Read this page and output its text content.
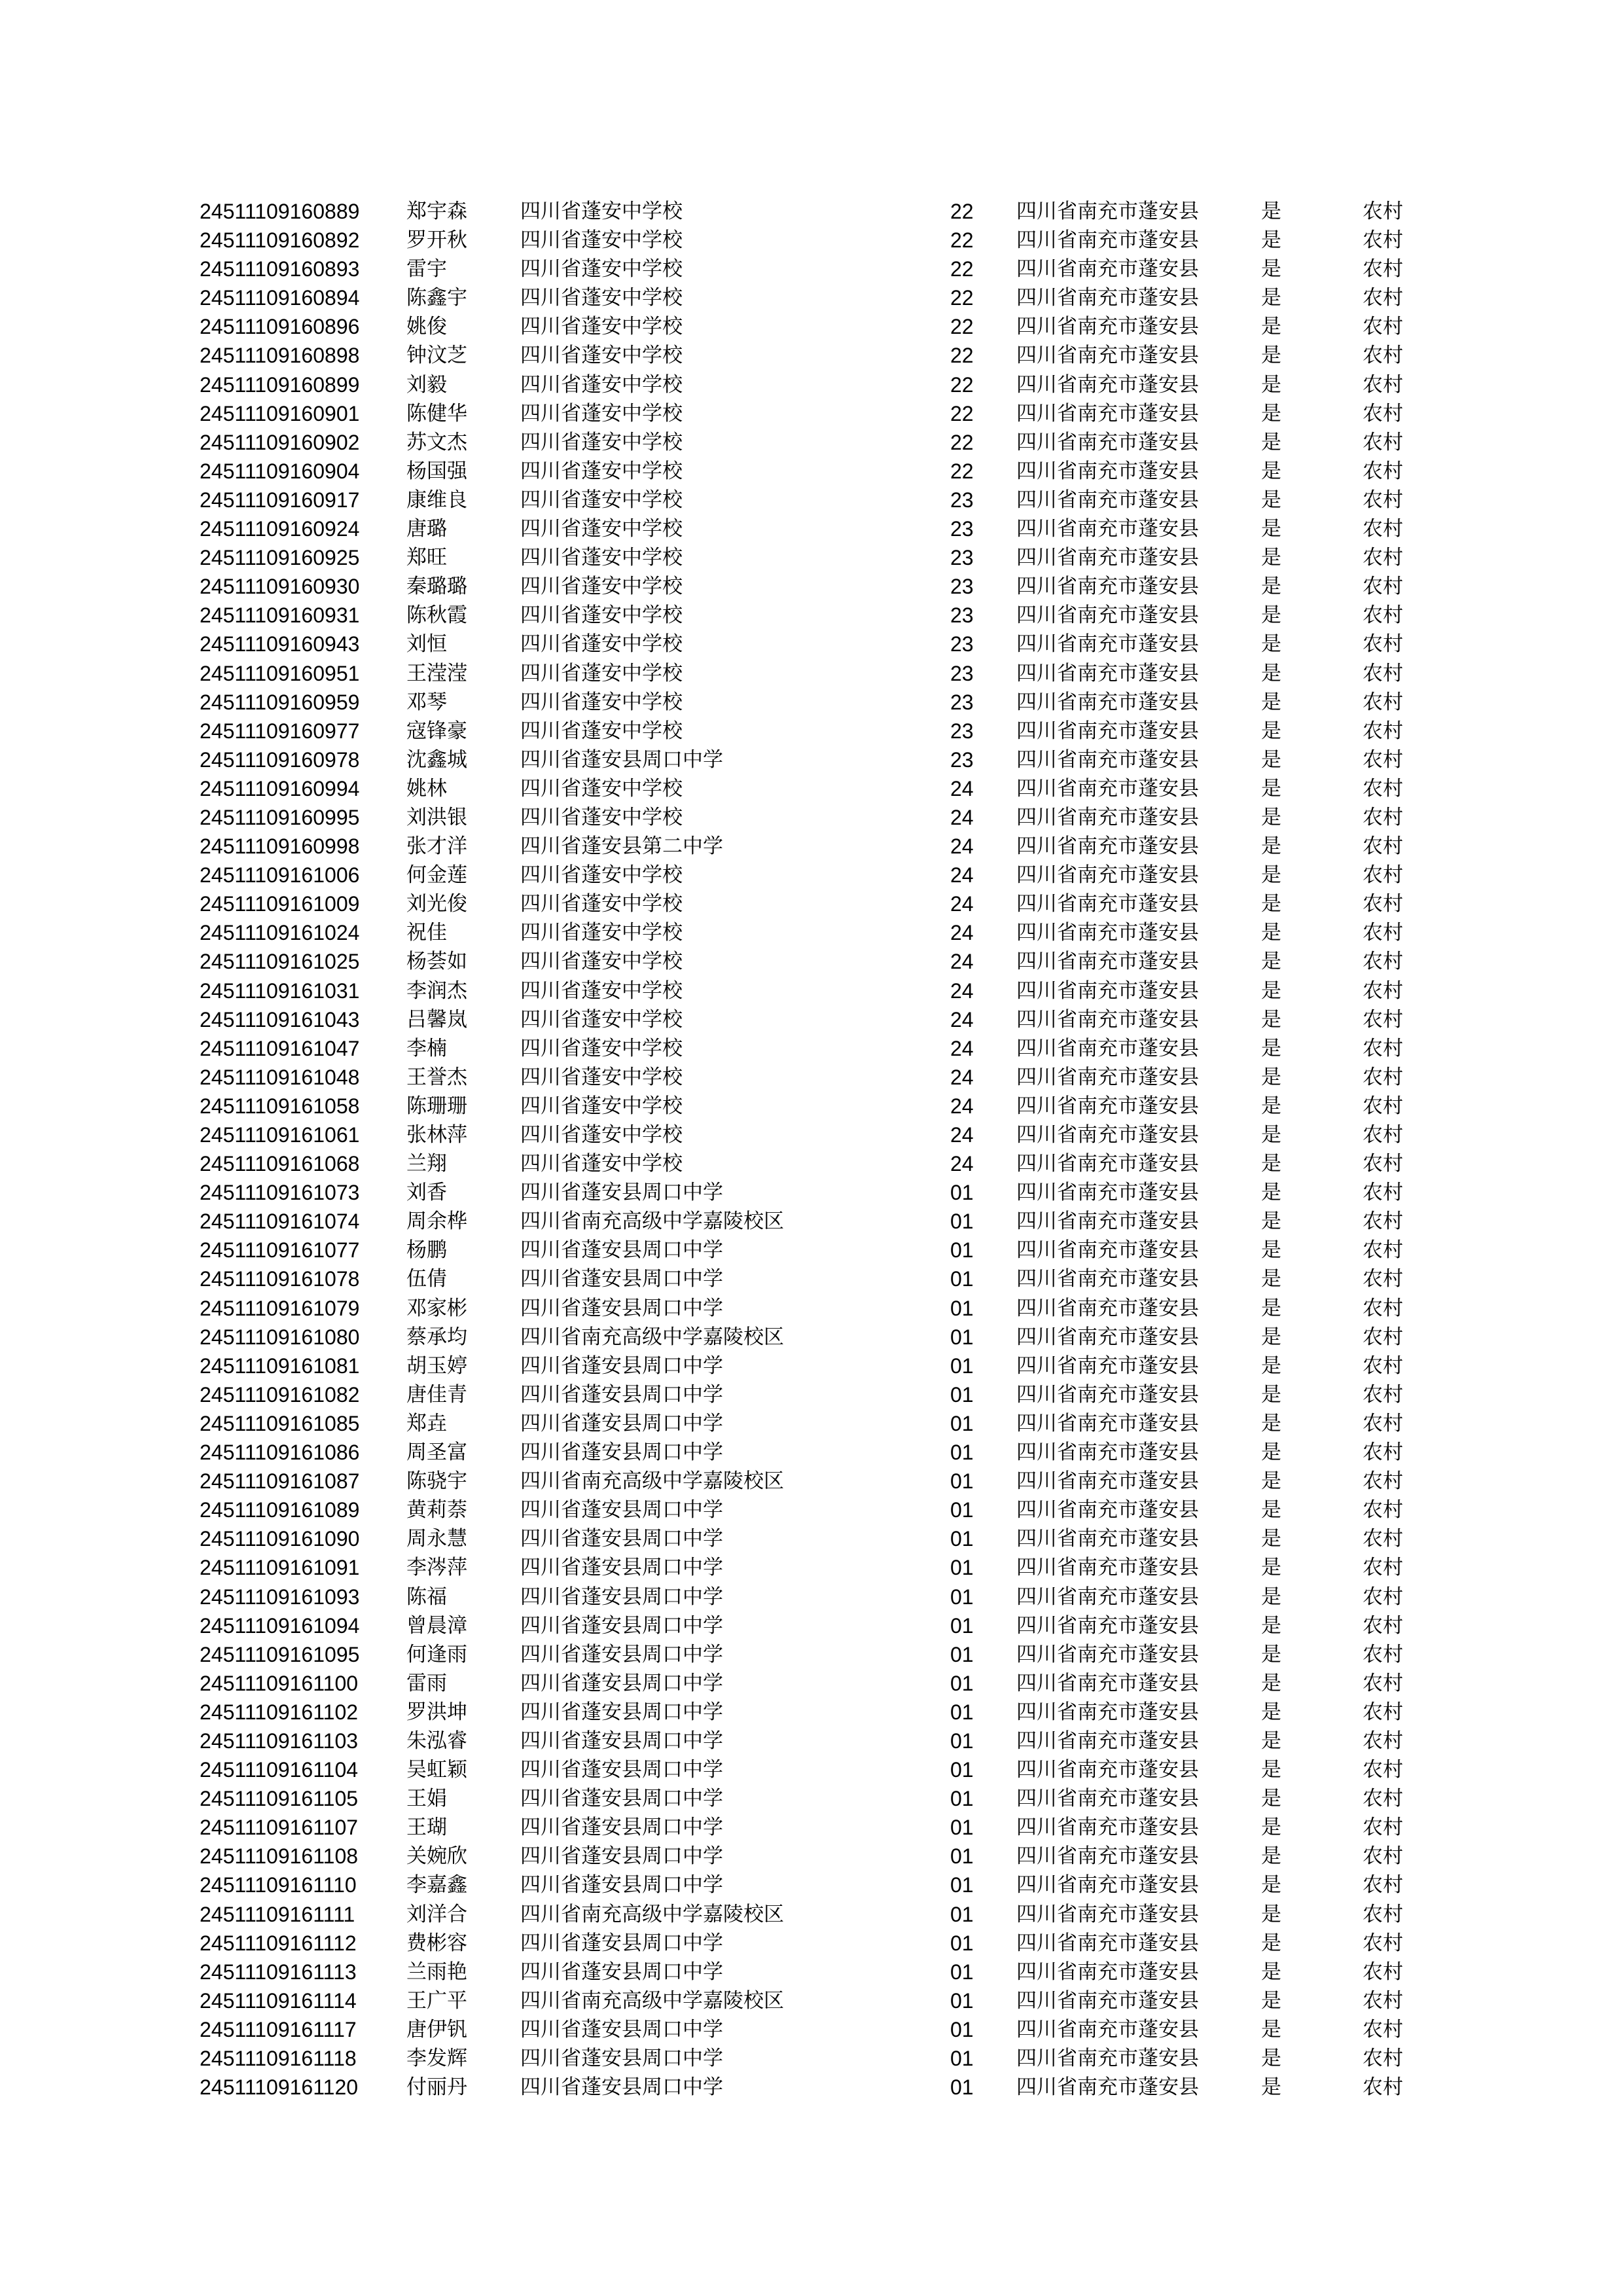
24511109160889 郑宇森	四川省蓬安中学校	22 四川省南充市蓬安县	是	农村
24511109160892 罗开秋	四川省蓬安中学校	22 四川省南充市蓬安县	是	农村
24511109160893 雷宇	四川省蓬安中学校	22 四川省南充市蓬安县	是	农村
24511109160894 陈鑫宇	四川省蓬安中学校	22 四川省南充市蓬安县	是	农村
24511109160896 姚俊	四川省蓬安中学校	22 四川省南充市蓬安县	是	农村
24511109160898 钟汶芝	四川省蓬安中学校	22 四川省南充市蓬安县	是	农村
24511109160899 刘毅	四川省蓬安中学校	22 四川省南充市蓬安县	是	农村
24511109160901 陈健华	四川省蓬安中学校	22 四川省南充市蓬安县	是	农村
24511109160902 苏文杰	四川省蓬安中学校	22 四川省南充市蓬安县	是	农村
24511109160904 杨国强	四川省蓬安中学校	22 四川省南充市蓬安县	是	农村
24511109160917 康维良	四川省蓬安中学校	23 四川省南充市蓬安县	是	农村
24511109160924 唐璐	四川省蓬安中学校	23 四川省南充市蓬安县	是	农村
24511109160925 郑旺	四川省蓬安中学校	23 四川省南充市蓬安县	是	农村
24511109160930 秦璐璐	四川省蓬安中学校	23 四川省南充市蓬安县	是	农村
24511109160931 陈秋霞	四川省蓬安中学校	23 四川省南充市蓬安县	是	农村
24511109160943 刘恒	四川省蓬安中学校	23 四川省南充市蓬安县	是	农村
24511109160951 王滢滢	四川省蓬安中学校	23 四川省南充市蓬安县	是	农村
24511109160959 邓琴	四川省蓬安中学校	23 四川省南充市蓬安县	是	农村
24511109160977 寇锋豪	四川省蓬安中学校	23 四川省南充市蓬安县	是	农村
24511109160978 沈鑫城	四川省蓬安县周口中学	23 四川省南充市蓬安县	是	农村
24511109160994 姚林	四川省蓬安中学校	24 四川省南充市蓬安县	是	农村
24511109160995 刘洪银	四川省蓬安中学校	24 四川省南充市蓬安县	是	农村
24511109160998 张才洋	四川省蓬安县第二中学	24 四川省南充市蓬安县	是	农村
24511109161006 何金莲	四川省蓬安中学校	24 四川省南充市蓬安县	是	农村
24511109161009 刘光俊	四川省蓬安中学校	24 四川省南充市蓬安县	是	农村
24511109161024 祝佳	四川省蓬安中学校	24 四川省南充市蓬安县	是	农村
24511109161025 杨荟如	四川省蓬安中学校	24 四川省南充市蓬安县	是	农村
24511109161031 李润杰	四川省蓬安中学校	24 四川省南充市蓬安县	是	农村
24511109161043 吕馨岚	四川省蓬安中学校	24 四川省南充市蓬安县	是	农村
24511109161047 李楠	四川省蓬安中学校	24 四川省南充市蓬安县	是	农村
24511109161048 王誉杰	四川省蓬安中学校	24 四川省南充市蓬安县	是	农村
24511109161058 陈珊珊	四川省蓬安中学校	24 四川省南充市蓬安县	是	农村
24511109161061 张林萍	四川省蓬安中学校	24 四川省南充市蓬安县	是	农村
24511109161068 兰翔	四川省蓬安中学校	24 四川省南充市蓬安县	是	农村
24511109161073 刘香	四川省蓬安县周口中学	01 四川省南充市蓬安县	是	农村
24511109161074 周余桦	四川省南充高级中学嘉陵校区	01 四川省南充市蓬安县	是	农村
24511109161077 杨鹏	四川省蓬安县周口中学	01 四川省南充市蓬安县	是	农村
24511109161078 伍倩	四川省蓬安县周口中学	01 四川省南充市蓬安县	是	农村
24511109161079 邓家彬	四川省蓬安县周口中学	01 四川省南充市蓬安县	是	农村
24511109161080 蔡承均	四川省南充高级中学嘉陵校区	01 四川省南充市蓬安县	是	农村
24511109161081 胡玉婷	四川省蓬安县周口中学	01 四川省南充市蓬安县	是	农村
24511109161082 唐佳青	四川省蓬安县周口中学	01 四川省南充市蓬安县	是	农村
24511109161085 郑垚	四川省蓬安县周口中学	01 四川省南充市蓬安县	是	农村
24511109161086 周圣富	四川省蓬安县周口中学	01 四川省南充市蓬安县	是	农村
24511109161087 陈骁宇	四川省南充高级中学嘉陵校区	01 四川省南充市蓬安县	是	农村
24511109161089 黄莉萘	四川省蓬安县周口中学	01 四川省南充市蓬安县	是	农村
24511109161090 周永慧	四川省蓬安县周口中学	01 四川省南充市蓬安县	是	农村
24511109161091 李涔萍	四川省蓬安县周口中学	01 四川省南充市蓬安县	是	农村
24511109161093 陈福	四川省蓬安县周口中学	01 四川省南充市蓬安县	是	农村
24511109161094 曾晨漳	四川省蓬安县周口中学	01 四川省南充市蓬安县	是	农村
24511109161095 何逢雨	四川省蓬安县周口中学	01 四川省南充市蓬安县	是	农村
24511109161100 雷雨	四川省蓬安县周口中学	01 四川省南充市蓬安县	是	农村
24511109161102 罗洪坤	四川省蓬安县周口中学	01 四川省南充市蓬安县	是	农村
24511109161103 朱泓睿	四川省蓬安县周口中学	01 四川省南充市蓬安县	是	农村
24511109161104 吴虹颖	四川省蓬安县周口中学	01 四川省南充市蓬安县	是	农村
24511109161105 王娟	四川省蓬安县周口中学	01 四川省南充市蓬安县	是	农村
24511109161107 王瑚	四川省蓬安县周口中学	01 四川省南充市蓬安县	是	农村
24511109161108 关婉欣	四川省蓬安县周口中学	01 四川省南充市蓬安县	是	农村
24511109161110 李嘉鑫	四川省蓬安县周口中学	01 四川省南充市蓬安县	是	农村
24511109161111	刘洋合	四川省南充高级中学嘉陵校区	01 四川省南充市蓬安县	是	农村
24511109161112 费彬容	四川省蓬安县周口中学	01 四川省南充市蓬安县	是	农村
24511109161113 兰雨艳	四川省蓬安县周口中学	01 四川省南充市蓬安县	是	农村
24511109161114 王广平	四川省南充高级中学嘉陵校区	01 四川省南充市蓬安县	是	农村
24511109161117 唐伊钒	四川省蓬安县周口中学	01 四川省南充市蓬安县	是	农村
24511109161118 李发辉	四川省蓬安县周口中学	01 四川省南充市蓬安县	是	农村
24511109161120 付丽丹	四川省蓬安县周口中学	01 四川省南充市蓬安县	是	农村
